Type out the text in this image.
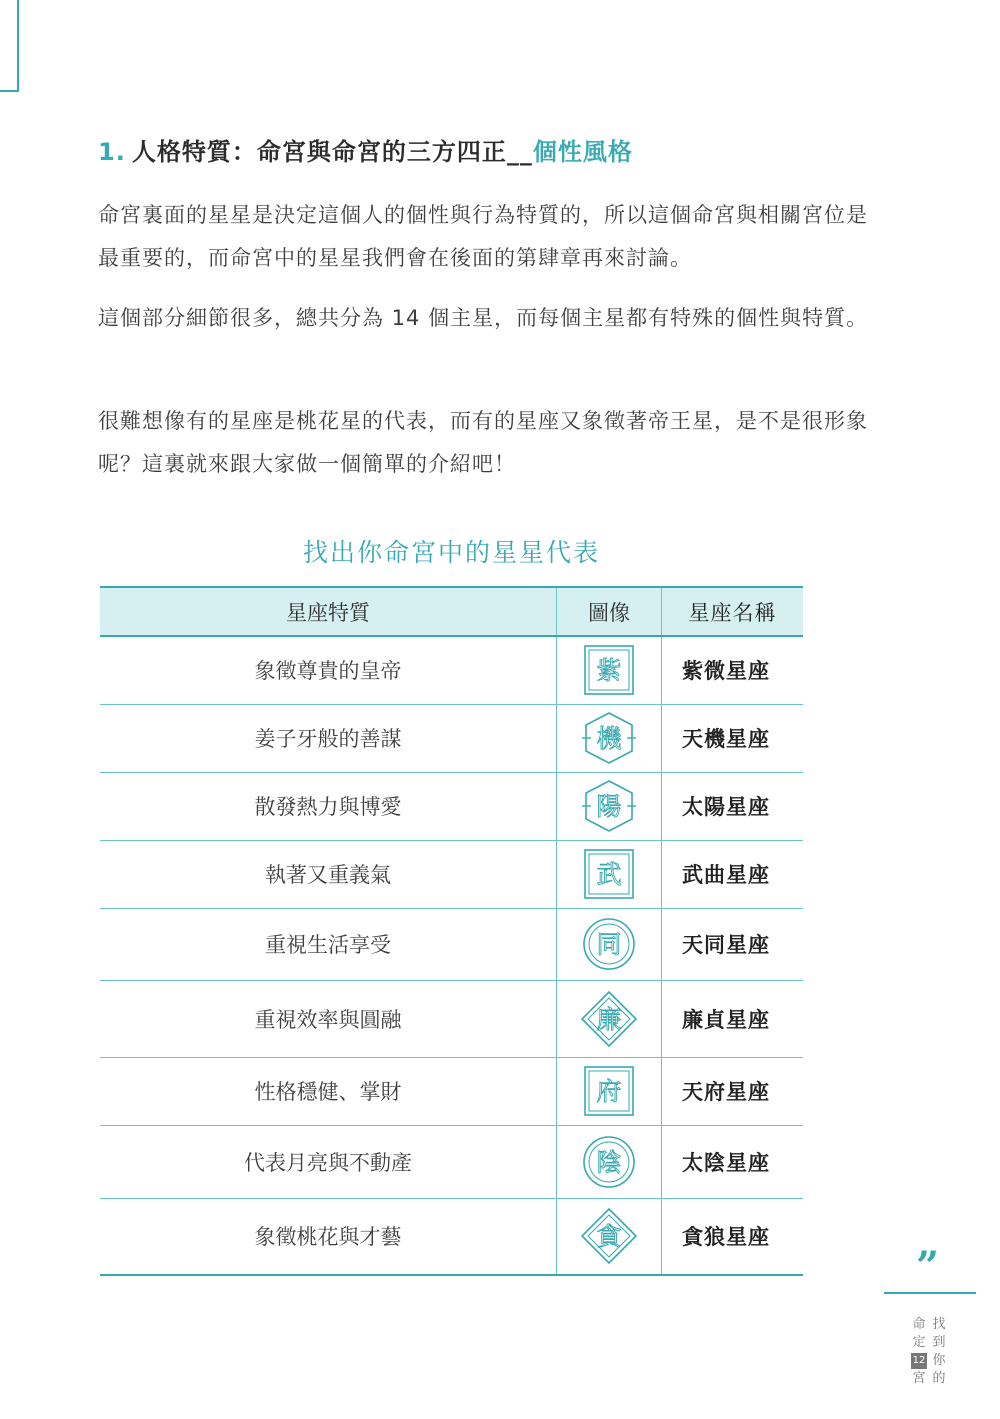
1. 人格特質：命宮與命宮的三方四正__個性風格

命宮裏面的星星是決定這個人的個性與行為特質的，所以這個命宮與相關宮位是最重要的，而命宮中的星星我們會在後面的第肆章再來討論。

這個部分細節很多，總共分為 14 個主星，而每個主星都有特殊的個性與特質。

很難想像有的星座是桃花星的代表，而有的星座又象徵著帝王星，是不是很形象呢？這裏就來跟大家做一個簡單的介紹吧！

找出你命宮中的星星代表
星座特質	圖像	星座名稱
象徵尊貴的皇帝	紫	紫微星座
姜子牙般的善謀	機	天機星座
散發熱力與博愛	陽	太陽星座
執著又重義氣	武	武曲星座
重視生活享受	同	天同星座
重視效率與圓融	廉	廉貞星座
性格穩健、掌財	府	天府星座
代表月亮與不動產	陰	太陰星座
象徵桃花與才藝	貪	貪狼星座
”
找
到
你
的
命
定
12
宮
